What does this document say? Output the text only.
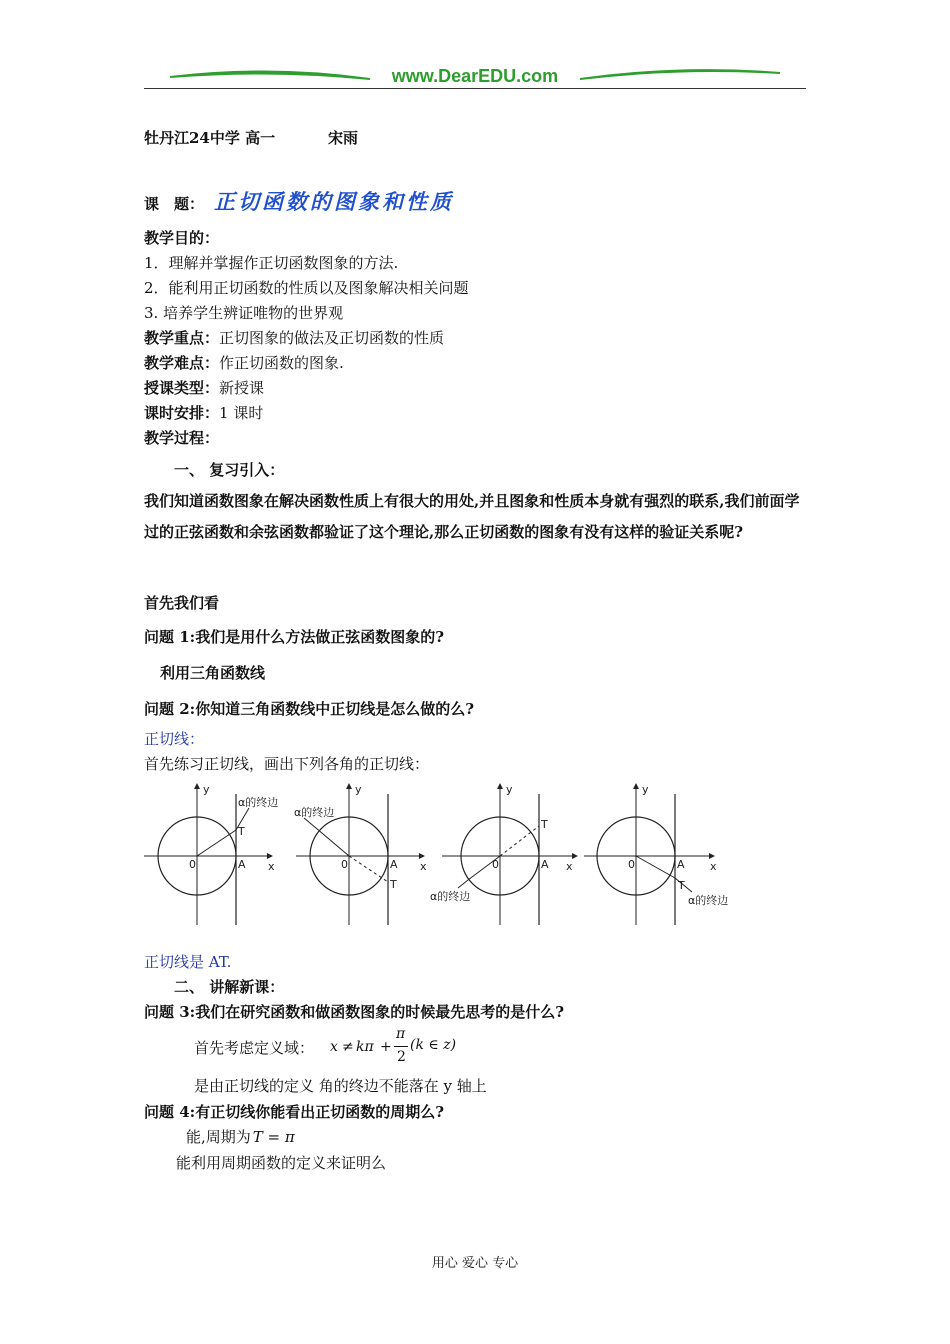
www.DearEDU.com
牡丹江24中学 高一	宋雨
课　题： 正切函数的图象和性质
教学目的：
1．理解并掌握作正切函数图象的方法.
2．能利用正切函数的性质以及图象解决相关问题
3. 培养学生辨证唯物的世界观
教学重点：正切图象的做法及正切函数的性质
教学难点：作正切函数的图象.
授课类型：新授课
课时安排：1 课时
教学过程：
一、 复习引入：
我们知道函数图象在解决函数性质上有很大的用处,并且图象和性质本身就有强烈的联系,我们前面学过的正弦函数和余弦函数都验证了这个理论,那么正切函数的图象有没有这样的验证关系呢?
首先我们看
问题 1:我们是用什么方法做正弦函数图象的?
利用三角函数线
问题 2:你知道三角函数线中正切线是怎么做的么?
正切线：
首先练习正切线，画出下列各角的正切线：
y
α的终边
T
0	A x
y
α的终边
0	A
T
x
y
T
0	A x
α的终边
y
0	A
T
x
α的终边
正切线是 AT.
二、 讲解新课：
问题 3:我们在研究函数和做函数图象的时候最先思考的是什么?
首先考虑定义域： x ≠ kπ +
π
2
(k ∈ z)
是由正切线的定义 角的终边不能落在 y 轴上
问题 4:有正切线你能看出正切函数的周期么?
能,周期为 T = π
能利用周期函数的定义来证明么
用心 爱心 专心
